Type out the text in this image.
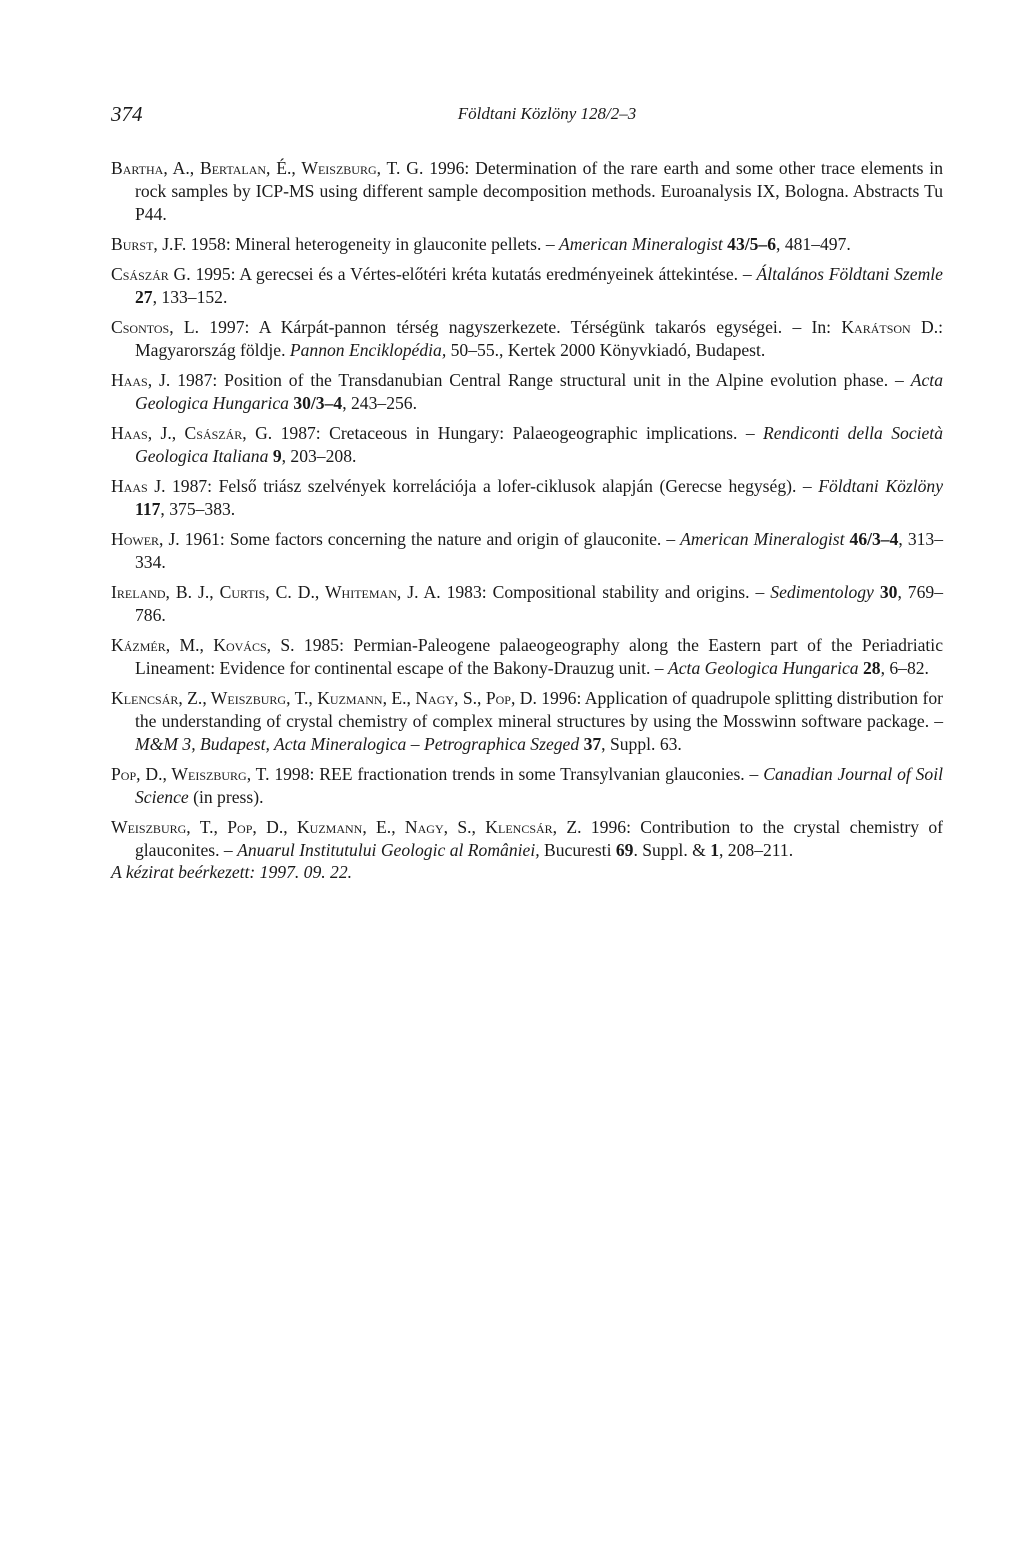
374	Földtani Közlöny 128/2–3
Bartha, A., Bertalan, É., Weiszburg, T. G. 1996: Determination of the rare earth and some other trace elements in rock samples by ICP-MS using different sample decomposition methods. Euroanalysis IX, Bologna. Abstracts Tu P44.
Burst, J.F. 1958: Mineral heterogeneity in glauconite pellets. – American Mineralogist 43/5–6, 481–497.
Császár G. 1995: A gerecsei és a Vértes-előtéri kréta kutatás eredményeinek áttekintése. – Általános Földtani Szemle 27, 133–152.
Csontos, L. 1997: A Kárpát-pannon térség nagyszerkezete. Térségünk takarós egységei. – In: Karátson D.: Magyarország földje. Pannon Enciklopédia, 50–55., Kertek 2000 Könyvkiadó, Budapest.
Haas, J. 1987: Position of the Transdanubian Central Range structural unit in the Alpine evolution phase. – Acta Geologica Hungarica 30/3–4, 243–256.
Haas, J., Császár, G. 1987: Cretaceous in Hungary: Palaeogeographic implications. – Rendiconti della Società Geologica Italiana 9, 203–208.
Haas J. 1987: Felső triász szelvények korrelációja a lofer-ciklusok alapján (Gerecse hegység). – Földtani Közlöny 117, 375–383.
Hower, J. 1961: Some factors concerning the nature and origin of glauconite. – American Mineralogist 46/3–4, 313–334.
Ireland, B. J., Curtis, C. D., Whiteman, J. A. 1983: Compositional stability and origins. – Sedimentology 30, 769–786.
Kázmér, M., Kovács, S. 1985: Permian-Paleogene palaeogeography along the Eastern part of the Periadriatic Lineament: Evidence for continental escape of the Bakony-Drauzug unit. – Acta Geologica Hungarica 28, 6–82.
Klencsár, Z., Weiszburg, T., Kuzmann, E., Nagy, S., Pop, D. 1996: Application of quadrupole splitting distribution for the understanding of crystal chemistry of complex mineral structures by using the Mosswinn software package. – M&M 3, Budapest, Acta Mineralogica – Petrographica Szeged 37, Suppl. 63.
Pop, D., Weiszburg, T. 1998: REE fractionation trends in some Transylvanian glauconies. – Canadian Journal of Soil Science (in press).
Weiszburg, T., Pop, D., Kuzmann, E., Nagy, S., Klencsár, Z. 1996: Contribution to the crystal chemistry of glauconites. – Anuarul Institutului Geologic al României, Bucuresti 69. Suppl. & 1, 208–211.
A kézirat beérkezett: 1997. 09. 22.
